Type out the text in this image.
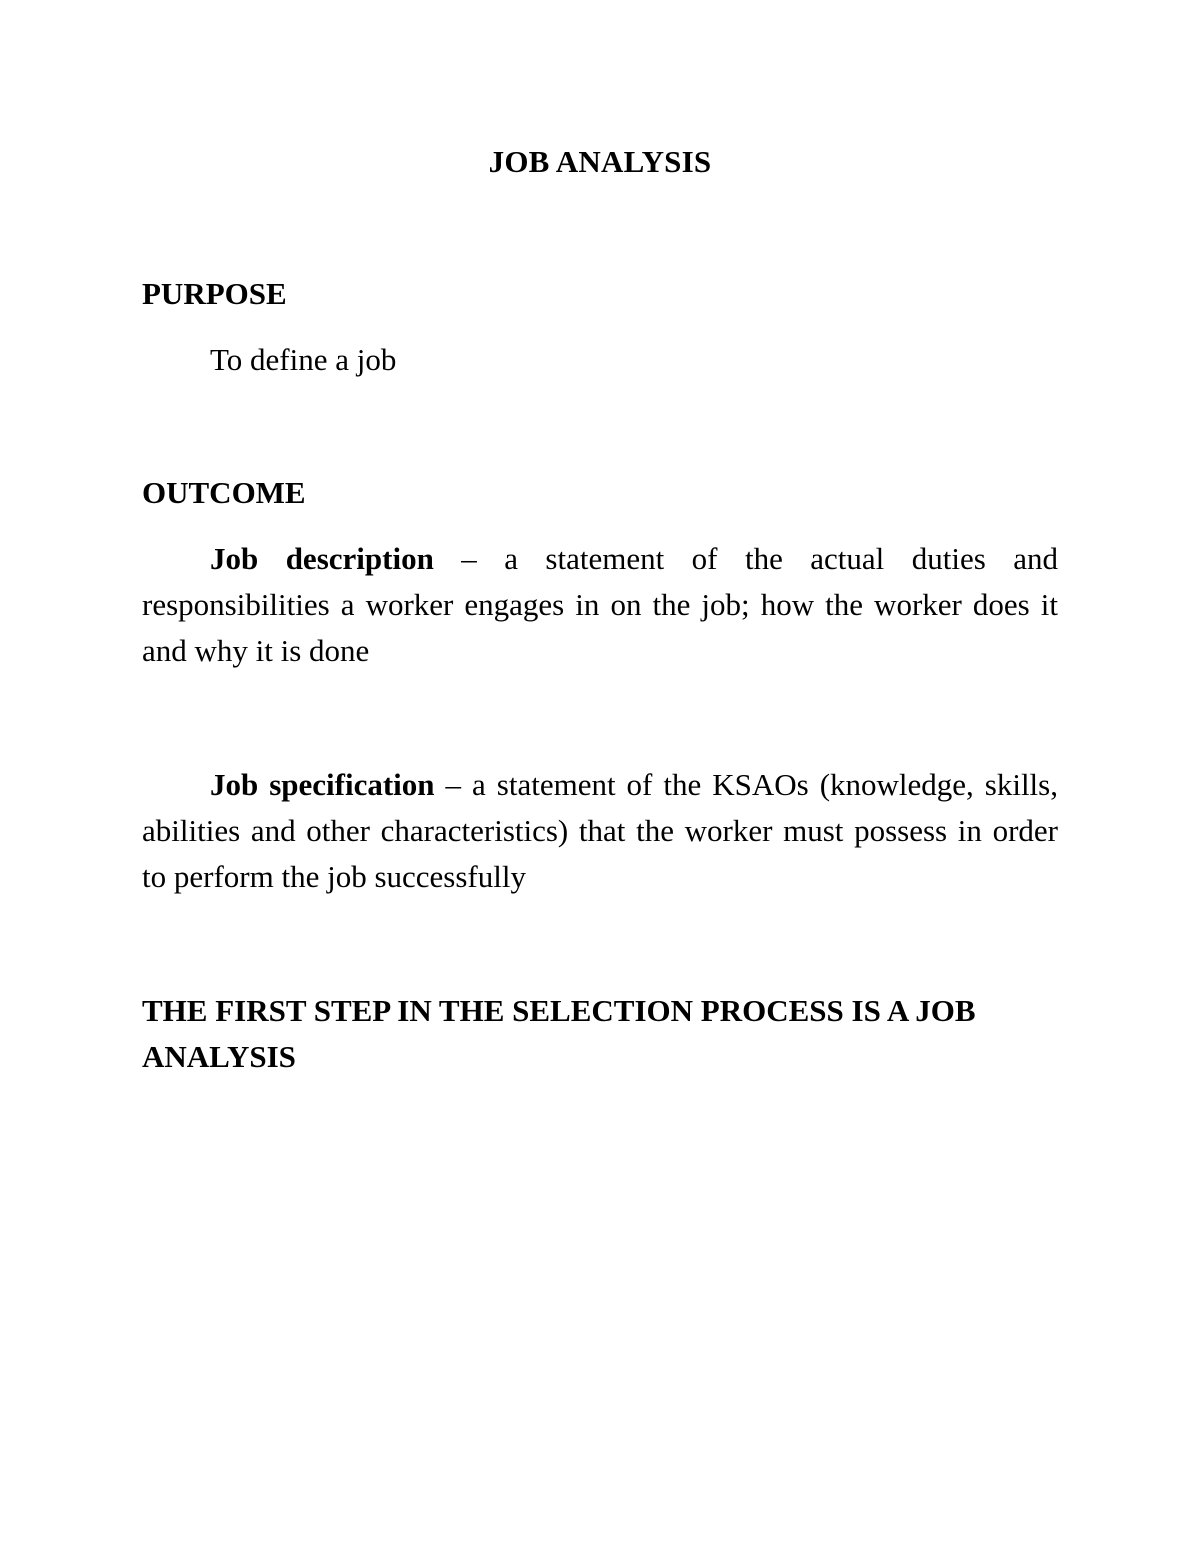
JOB ANALYSIS
PURPOSE
To define a job
OUTCOME
Job description – a statement of the actual duties and responsibilities a worker engages in on the job; how the worker does it and why it is done
Job specification – a statement of the KSAOs (knowledge, skills, abilities and other characteristics) that the worker must possess in order to perform the job successfully
THE FIRST STEP IN THE SELECTION PROCESS IS A JOB ANALYSIS
